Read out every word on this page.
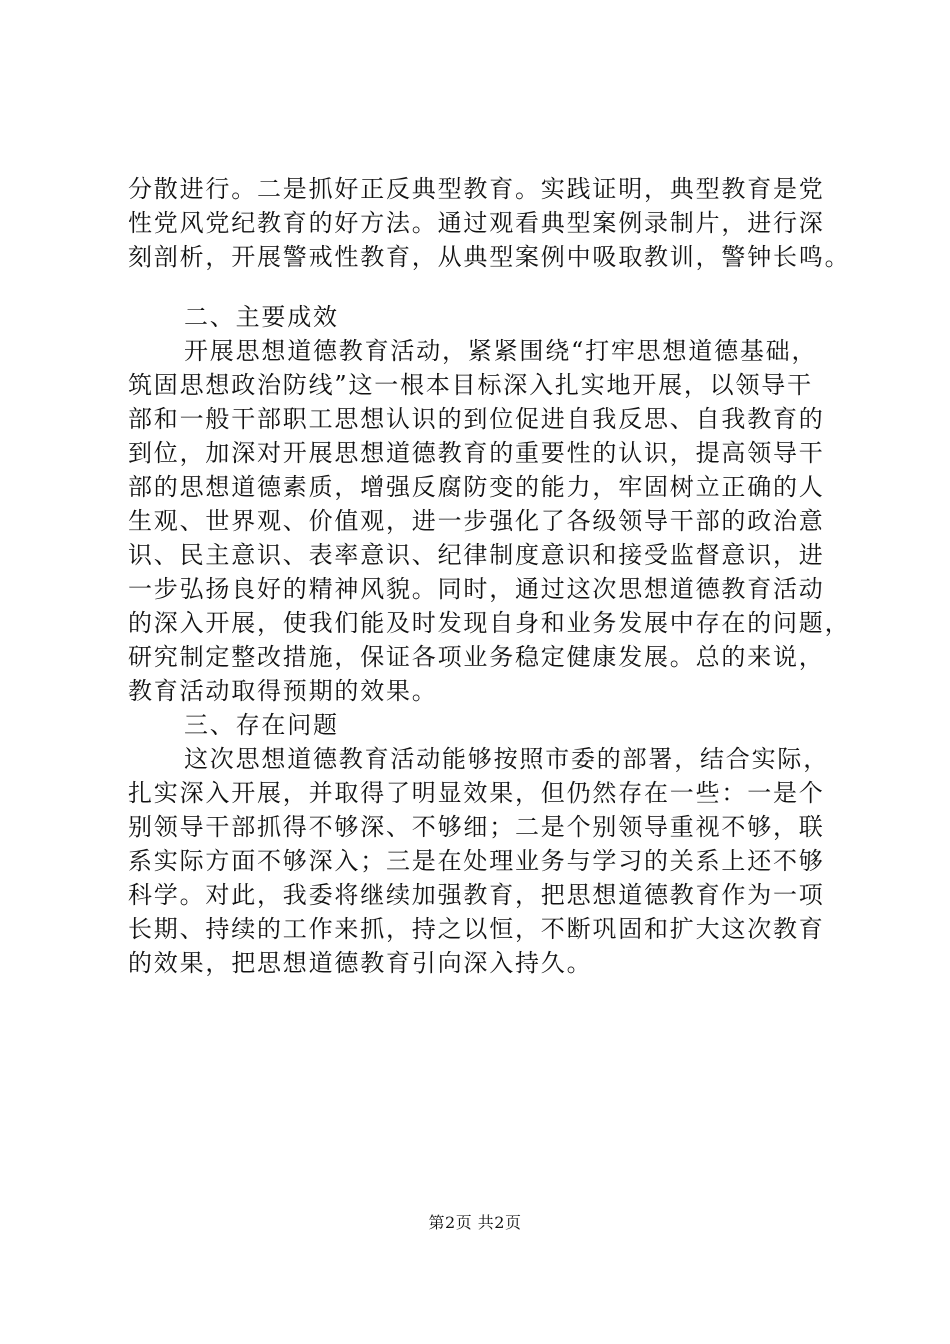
分散进行。二是抓好正反典型教育。实践证明，典型教育是党
性党风党纪教育的好方法。通过观看典型案例录制片，进行深
刻剖析，开展警戒性教育，从典型案例中吸取教训，警钟长鸣。
二、主要成效
开展思想道德教育活动，紧紧围绕“打牢思想道德基础，
筑固思想政治防线”这一根本目标深入扎实地开展，以领导干
部和一般干部职工思想认识的到位促进自我反思、自我教育的
到位，加深对开展思想道德教育的重要性的认识，提高领导干
部的思想道德素质，增强反腐防变的能力，牢固树立正确的人
生观、世界观、价值观，进一步强化了各级领导干部的政治意
识、民主意识、表率意识、纪律制度意识和接受监督意识，进
一步弘扬良好的精神风貌。同时，通过这次思想道德教育活动
的深入开展，使我们能及时发现自身和业务发展中存在的问题，
研究制定整改措施，保证各项业务稳定健康发展。总的来说，
教育活动取得预期的效果。
三、存在问题
这次思想道德教育活动能够按照市委的部署，结合实际，
扎实深入开展，并取得了明显效果，但仍然存在一些：一是个
别领导干部抓得不够深、不够细；二是个别领导重视不够，联
系实际方面不够深入；三是在处理业务与学习的关系上还不够
科学。对此，我委将继续加强教育，把思想道德教育作为一项
长期、持续的工作来抓，持之以恒，不断巩固和扩大这次教育
的效果，把思想道德教育引向深入持久。
第2页 共2页
